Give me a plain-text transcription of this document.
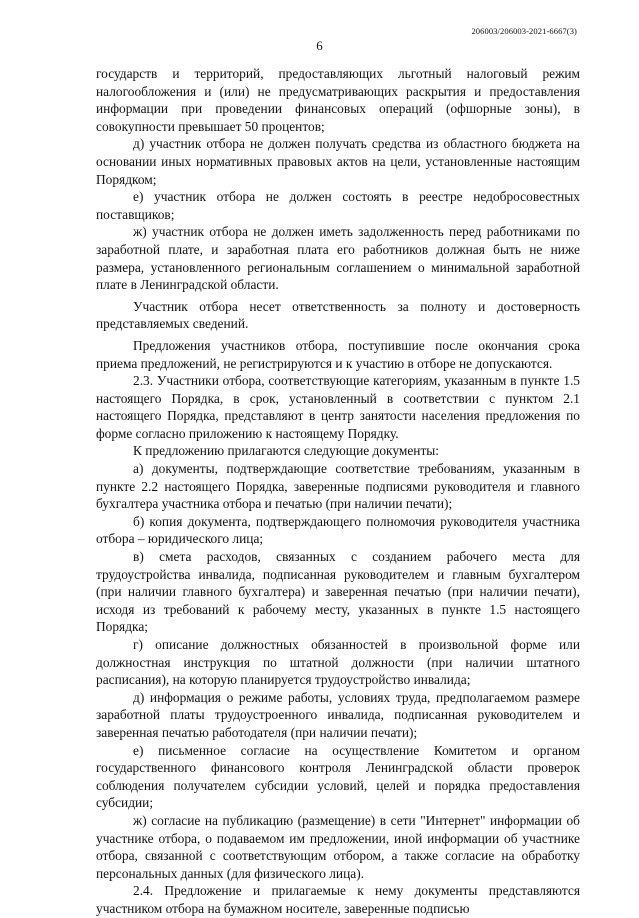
206003/206003-2021-6667(3)
6

государств и территорий, предоставляющих льготный налоговый режим налогообложения и (или) не предусматривающих раскрытия и предоставления информации при проведении финансовых операций (офшорные зоны), в совокупности превышает 50 процентов;

д) участник отбора не должен получать средства из областного бюджета на основании иных нормативных правовых актов на цели, установленные настоящим Порядком;

е) участник отбора не должен состоять в реестре недобросовестных поставщиков;

ж) участник отбора не должен иметь задолженность перед работниками по заработной плате, и заработная плата его работников должная быть не ниже размера, установленного региональным соглашением о минимальной заработной плате в Ленинградской области.

Участник отбора несет ответственность за полноту и достоверность представляемых сведений.

Предложения участников отбора, поступившие после окончания срока приема предложений, не регистрируются и к участию в отборе не допускаются.

2.3. Участники отбора, соответствующие категориям, указанным в пункте 1.5 настоящего Порядка, в срок, установленный в соответствии с пунктом 2.1 настоящего Порядка, представляют в центр занятости населения предложения по форме согласно приложению к настоящему Порядку.

К предложению прилагаются следующие документы:

а) документы, подтверждающие соответствие требованиям, указанным в пункте 2.2 настоящего Порядка, заверенные подписями руководителя и главного бухгалтера участника отбора и печатью (при наличии печати);

б) копия документа, подтверждающего полномочия руководителя участника отбора – юридического лица;

в) смета расходов, связанных с созданием рабочего места для трудоустройства инвалида, подписанная руководителем и главным бухгалтером (при наличии главного бухгалтера) и заверенная печатью (при наличии печати), исходя из требований к рабочему месту, указанных в пункте 1.5 настоящего Порядка;

г) описание должностных обязанностей в произвольной форме или должностная инструкция по штатной должности (при наличии штатного расписания), на которую планируется трудоустройство инвалида;

д) информация о режиме работы, условиях труда, предполагаемом размере заработной платы трудоустроенного инвалида, подписанная руководителем и заверенная печатью работодателя (при наличии печати);

е) письменное согласие на осуществление Комитетом и органом государственного финансового контроля Ленинградской области проверок соблюдения получателем субсидии условий, целей и порядка предоставления субсидии;

ж) согласие на публикацию (размещение) в сети "Интернет" информации об участнике отбора, о подаваемом им предложении, иной информации об участнике отбора, связанной с соответствующим отбором, а также согласие на обработку персональных данных (для физического лица).

2.4. Предложение и прилагаемые к нему документы представляются участником отбора на бумажном носителе, заверенные подписью
